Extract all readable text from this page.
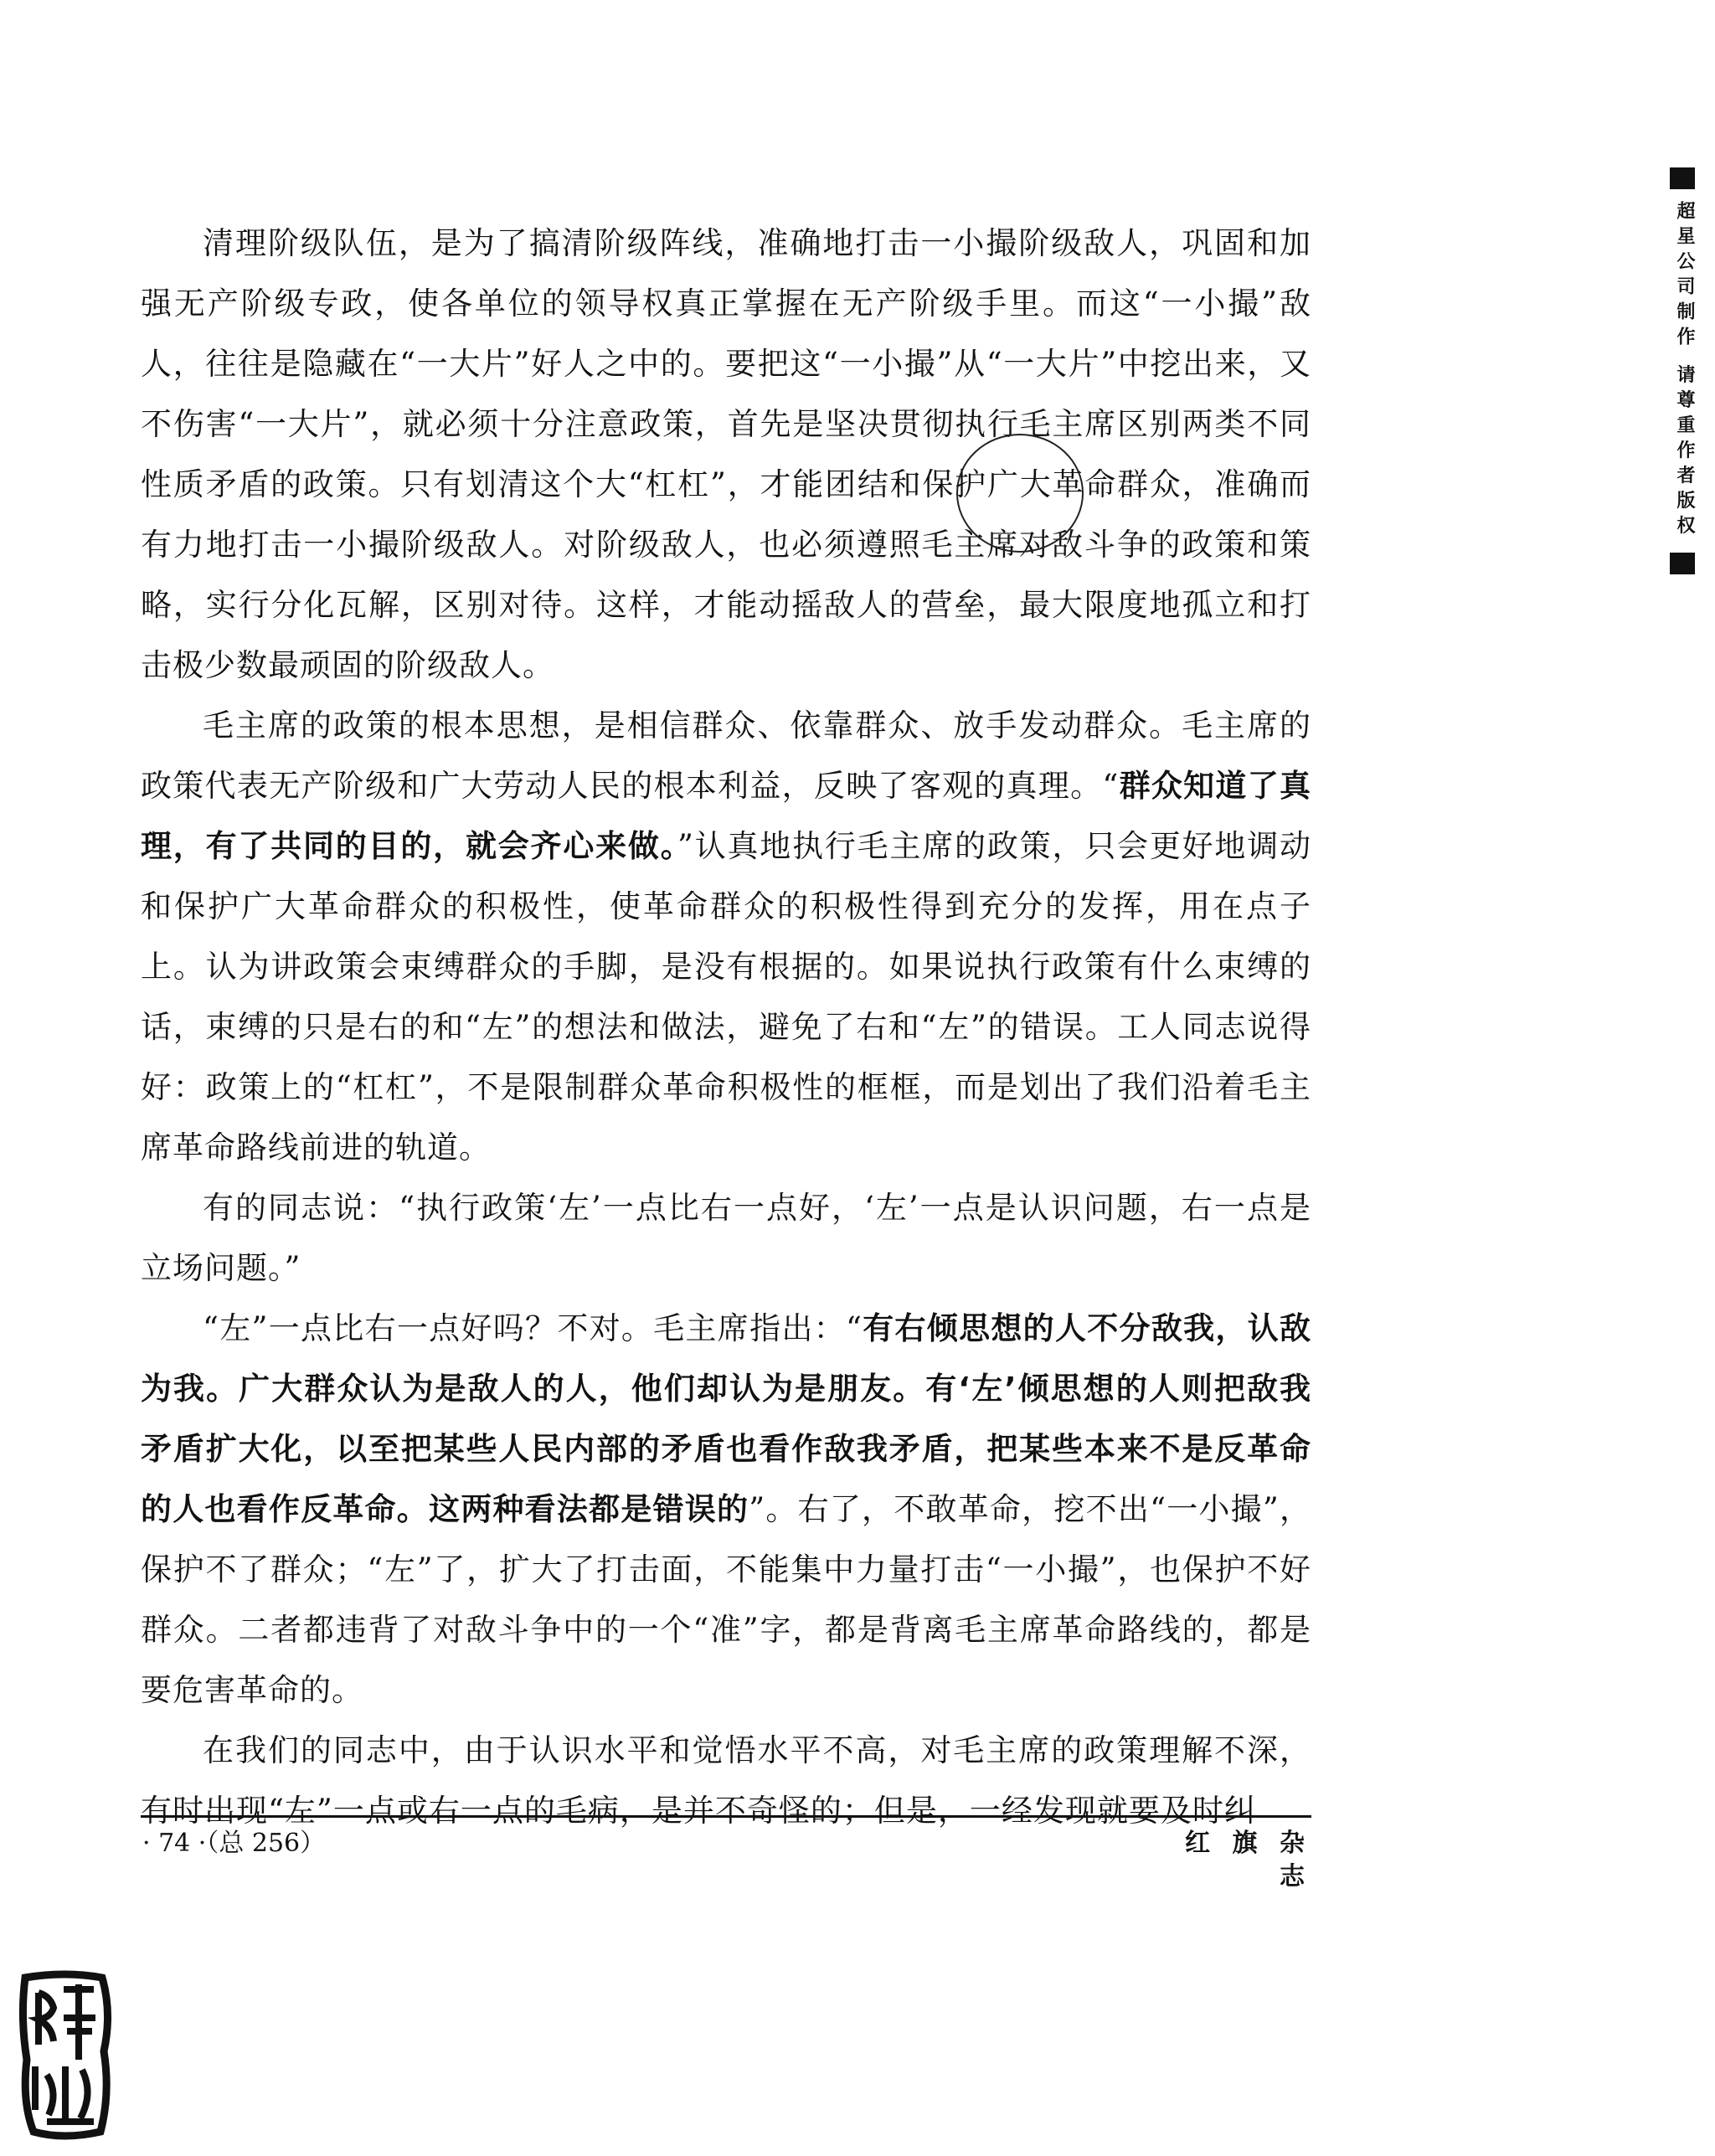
清理阶级队伍，是为了搞清阶级阵线，准确地打击一小撮阶级敌人，巩固和加强无产阶级专政，使各单位的领导权真正掌握在无产阶级手里。而这“一小撮”敌人，往往是隐藏在“一大片”好人之中的。要把这“一小撮”从“一大片”中挖出来，又不伤害“一大片”，就必须十分注意政策，首先是坚决贯彻执行毛主席区别两类不同性质矛盾的政策。只有划清这个大“杠杠”，才能团结和保护广大革命群众，准确而有力地打击一小撮阶级敌人。对阶级敌人，也必须遵照毛主席对敌斗争的政策和策略，实行分化瓦解，区别对待。这样，才能动摇敌人的营垒，最大限度地孤立和打击极少数最顽固的阶级敌人。

毛主席的政策的根本思想，是相信群众、依靠群众、放手发动群众。毛主席的政策代表无产阶级和广大劳动人民的根本利益，反映了客观的真理。“群众知道了真理，有了共同的目的，就会齐心来做。”认真地执行毛主席的政策，只会更好地调动和保护广大革命群众的积极性，使革命群众的积极性得到充分的发挥，用在点子上。认为讲政策会束缚群众的手脚，是没有根据的。如果说执行政策有什么束缚的话，束缚的只是右的和“左”的想法和做法，避免了右和“左”的错误。工人同志说得好：政策上的“杠杠”，不是限制群众革命积极性的框框，而是划出了我们沿着毛主席革命路线前进的轨道。

有的同志说：“执行政策‘左’一点比右一点好，‘左’一点是认识问题，右一点是立场问题。”

“左”一点比右一点好吗？不对。毛主席指出：“有右倾思想的人不分敌我，认敌为我。广大群众认为是敌人的人，他们却认为是朋友。有‘左’倾思想的人则把敌我矛盾扩大化，以至把某些人民内部的矛盾也看作敌我矛盾，把某些本来不是反革命的人也看作反革命。这两种看法都是错误的”。右了，不敢革命，挖不出“一小撮”，保护不了群众；“左”了，扩大了打击面，不能集中力量打击“一小撮”，也保护不好群众。二者都违背了对敌斗争中的一个“准”字，都是背离毛主席革命路线的，都是要危害革命的。

在我们的同志中，由于认识水平和觉悟水平不高，对毛主席的政策理解不深，有时出现“左”一点或右一点的毛病，是并不奇怪的；但是，一经发现就要及时纠

· 74 ·（总 256）	红 旗 杂 志
超星公司制作 请尊重作者版权
